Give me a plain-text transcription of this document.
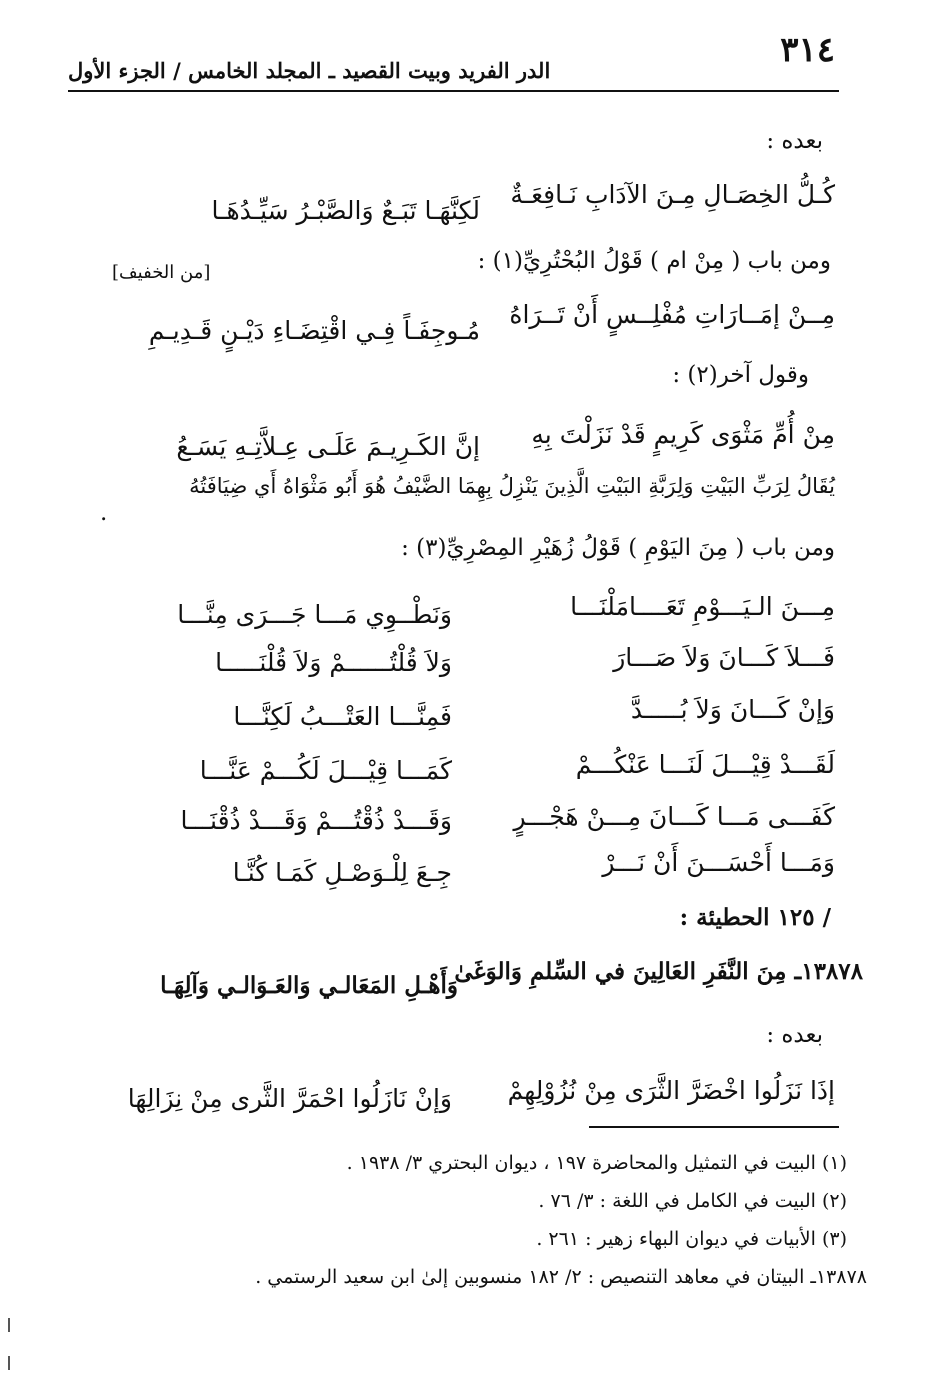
٣١٤
الدر الفريد وبيت القصيد ـ المجلد الخامس / الجزء الأول
بعده :
كُـلُّ الخِصَـالِ مِـنَ الآدَابِ نَـافِعَـةٌ
لَكِنَّهَـا تَبَـعٌ وَالصَّبْـرُ سَيِّـدُهَـا
ومن باب ( مِنْ ام ) قَوْلُ البُحْتُرِيِّ(١) :
[من الخفيف]
مِــنْ إمَــارَاتِ مُفْلِــسٍ أَنْ تَــرَاهُ
مُـوجِفَـاً فِـي اقْتِضَـاءِ دَيْـنٍ قَـدِيـمِ
وقول آخر(٢) :
مِنْ أُمِّ مَثْوَى كَرِيمٍ قَدْ نَزَلْتَ بِهِ
إنَّ الكَـرِيـمَ عَلَـى عِـلاَّتِـهِ يَسَـعُ
يُقَالُ لِرَبِّ البَيْتِ وَلِرَبَّةِ البَيْتِ الَّذِينَ يَنْزِلُ بِهِمَا الضَّيْفُ هُوَ أَبُو مَثْوَاهُ أَي ضِيَافَتُهُ
.
ومن باب ( مِنَ اليَوْمِ ) قَوْلُ زُهَيْرِ المِصْرِيِّ(٣) :
مِـــنَ الـيَـــوْمِ تَعَــــامَلْنَـــا
وَنَطْــوِي مَـــا جَـــرَى مِنَّـــا
فَـــلاَ كَـــانَ وَلاَ صَـــارَ
وَلاَ قُلْتُــــــمْ وَلاَ قُلْنَـــــا
وَإنْ كَـــانَ وَلاَ بُـــــدَّ
فَمِنَّـــا العَتْـــبُ لَكِنَّـــا
لَقَـــدْ قِيْـــلَ لَنَـــا عَنْكُـــمْ
كَمَـــا قِيْـــلَ لَكُـــمْ عَنَّـــا
كَفَـــى مَـــا كَـــانَ مِـــنْ هَجْـــرٍ
وَقَـــدْ ذُقْتُـــمْ وَقَـــدْ ذُقْنَـــا
وَمَـــا أَحْسَـــنَ أَنْ نَـــرْ
جِـعَ لِلْـوَصْـلِ كَمَـا كُنَّـا
/ ١٢٥ الحطيئة :
١٣٨٧٨ـ مِنَ النَّفَرِ العَالِينَ في السِّلمِ وَالوَغَىٰ
وَأَهْـلِ المَعَالـي وَالعَـوَالـي وَآلِهَـا
بعده :
إذَا نَزَلُوا اخْضَرَّ الثَّرَى مِنْ نُزُوْلِهِمْ
وَإنْ نَازَلُوا احْمَرَّ الثَّرى مِنْ نِزَالِهَا
(١) البيت في التمثيل والمحاضرة ١٩٧ ، ديوان البحتري ٣/ ١٩٣٨ .
(٢) البيت في الكامل في اللغة : ٣/ ٧٦ .
(٣) الأبيات في ديوان البهاء زهير : ٢٦١ .
١٣٨٧٨ـ البيتان في معاهد التنصيص : ٢/ ١٨٢ منسوبين إلىٰ ابن سعيد الرستمي .
